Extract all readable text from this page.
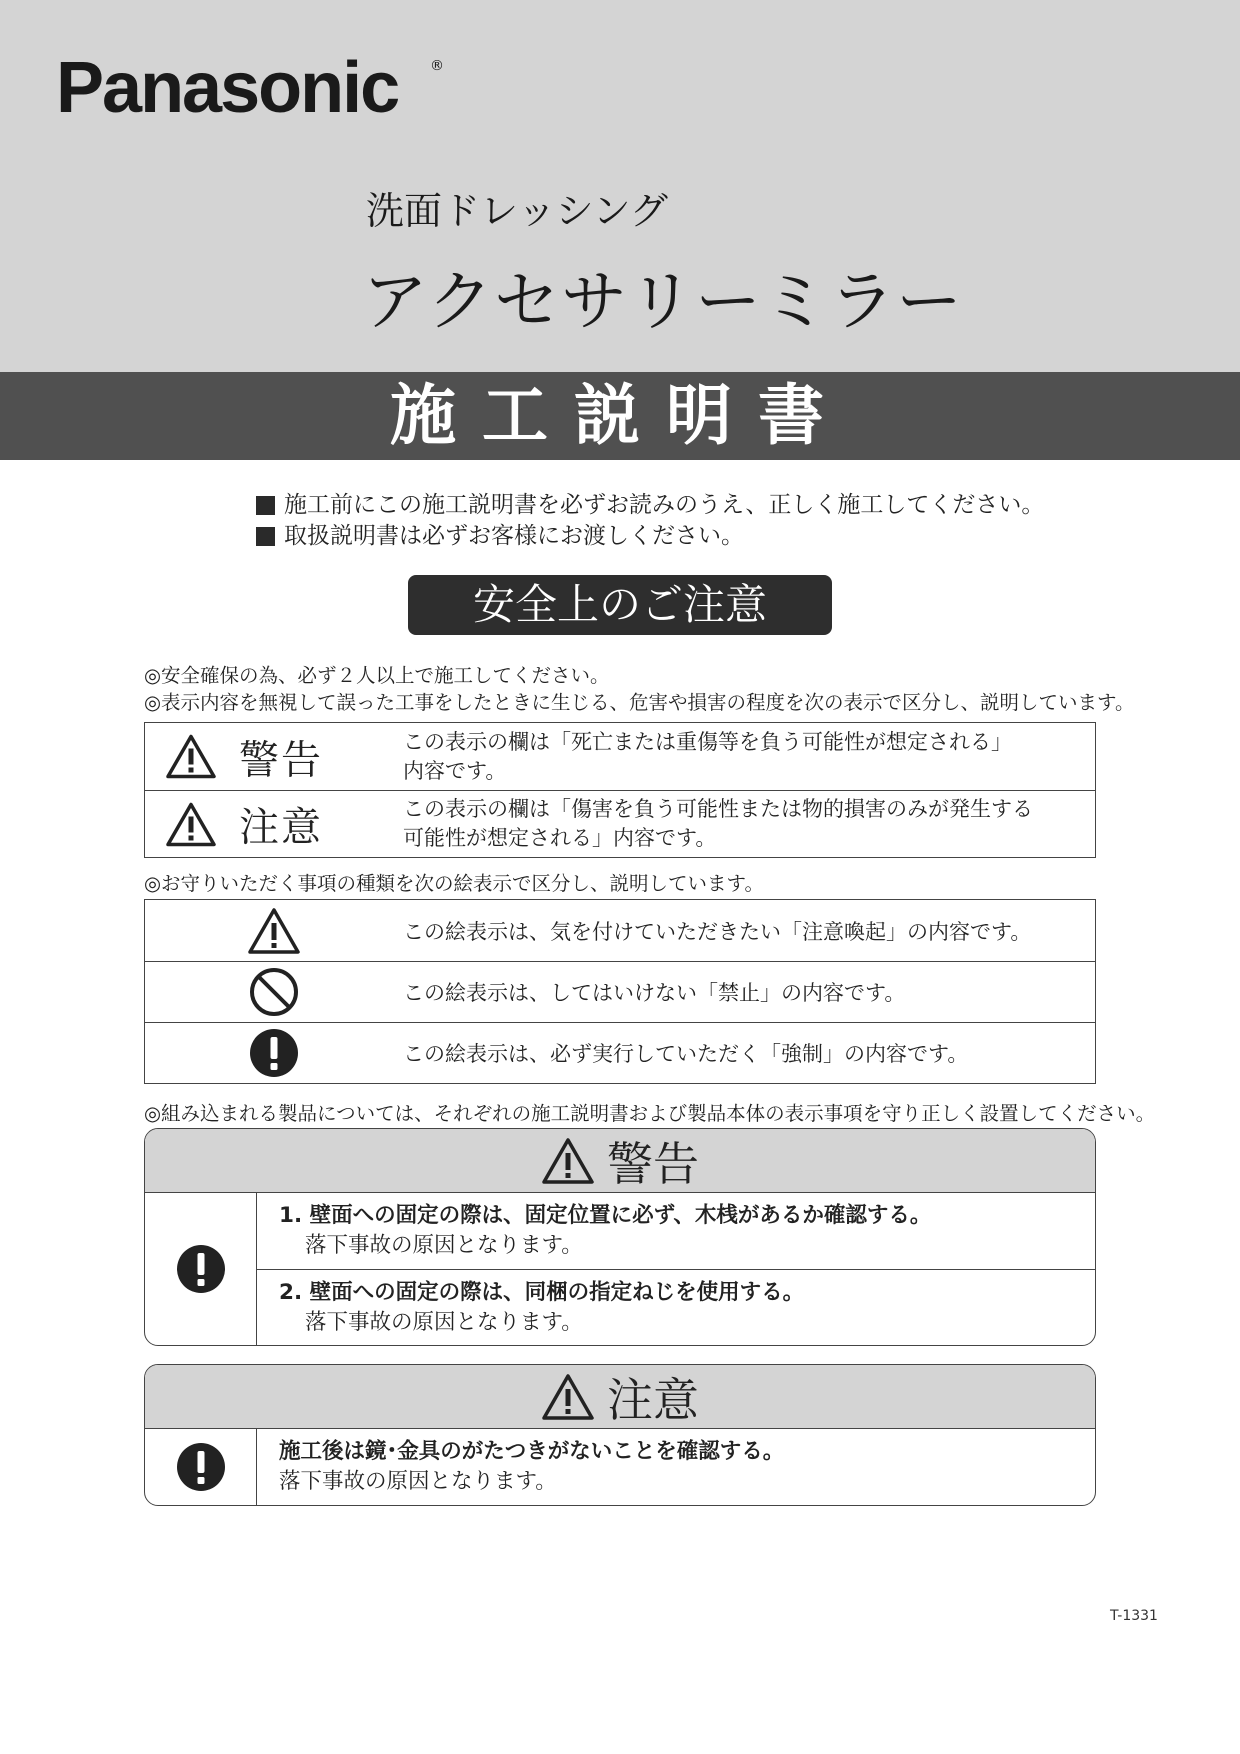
Panasonic ®
洗面ドレッシング
アクセサリーミラー
施工説明書
施工前にこの施工説明書を必ずお読みのうえ、正しく施工してください。
取扱説明書は必ずお客様にお渡しください。
安全上のご注意
◎安全確保の為、必ず２人以上で施工してください。
◎表示内容を無視して誤った工事をしたときに生じる、危害や損害の程度を次の表示で区分し、説明しています。
警告	この表示の欄は「死亡または重傷等を負う可能性が想定される」
内容です。
注意	この表示の欄は「傷害を負う可能性または物的損害のみが発生する
可能性が想定される」内容です。
◎お守りいただく事項の種類を次の絵表示で区分し、説明しています。
この絵表示は、気を付けていただきたい「注意喚起」の内容です。
この絵表示は、してはいけない「禁止」の内容です。
この絵表示は、必ず実行していただく「強制」の内容です。
◎組み込まれる製品については、それぞれの施工説明書および製品本体の表示事項を守り正しく設置してください。
警告
1. 壁面への固定の際は、固定位置に必ず、木桟があるか確認する。
落下事故の原因となります。
2. 壁面への固定の際は、同梱の指定ねじを使用する。
落下事故の原因となります。
注意
施工後は鏡･金具のがたつきがないことを確認する。
落下事故の原因となります。
T-1331
